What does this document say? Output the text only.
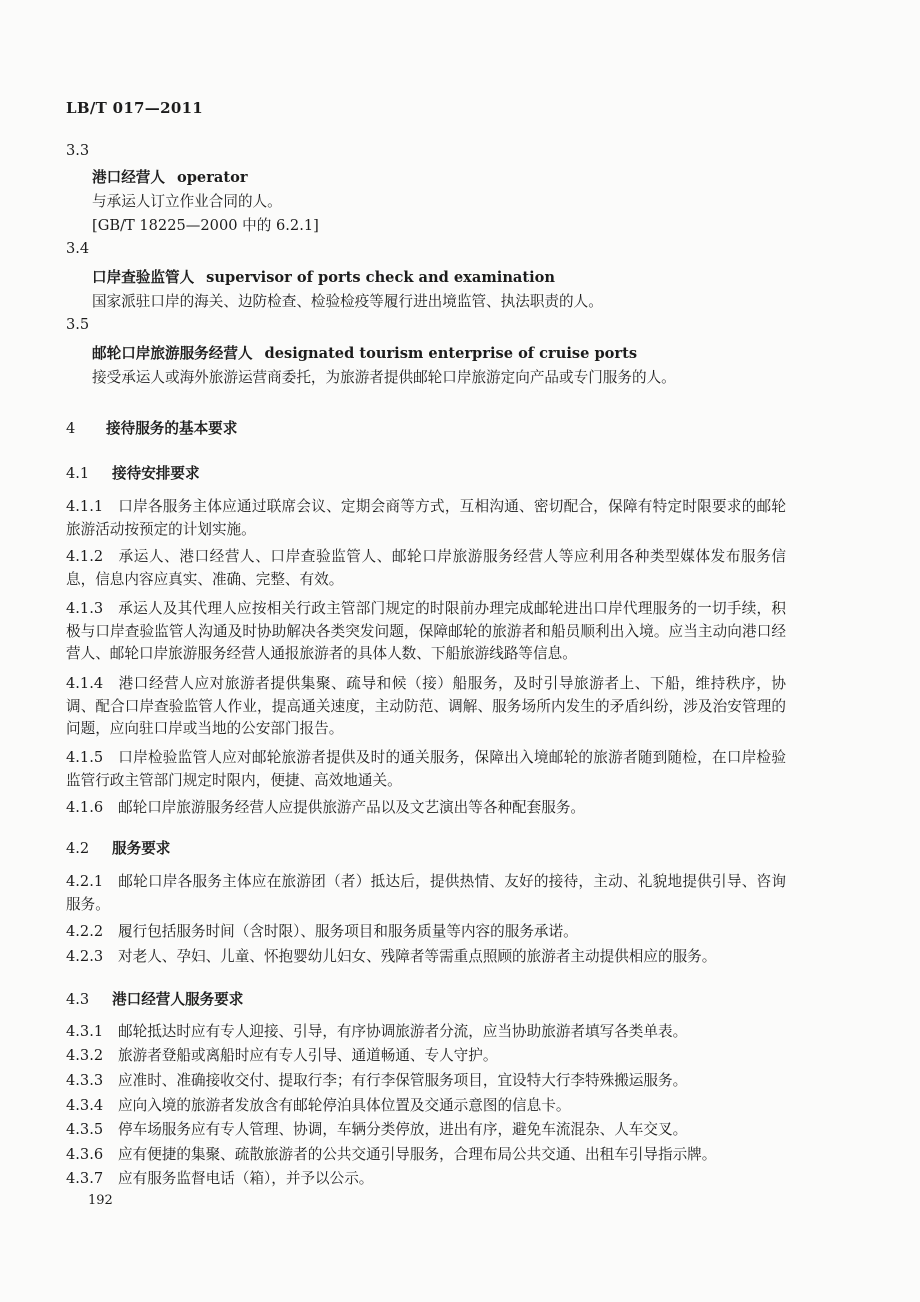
LB/T 017—2011
3.3
港口经营人 operator
与承运人订立作业合同的人。
[GB/T 18225—2000 中的 6.2.1]
3.4
口岸查验监管人 supervisor of ports check and examination
国家派驻口岸的海关、边防检查、检验检疫等履行进出境监管、执法职责的人。
3.5
邮轮口岸旅游服务经营人 designated tourism enterprise of cruise ports
接受承运人或海外旅游运营商委托，为旅游者提供邮轮口岸旅游定向产品或专门服务的人。
4 接待服务的基本要求
4.1 接待安排要求
4.1.1 口岸各服务主体应通过联席会议、定期会商等方式，互相沟通、密切配合，保障有特定时限要求的邮轮旅游活动按预定的计划实施。
4.1.2 承运人、港口经营人、口岸查验监管人、邮轮口岸旅游服务经营人等应利用各种类型媒体发布服务信息，信息内容应真实、准确、完整、有效。
4.1.3 承运人及其代理人应按相关行政主管部门规定的时限前办理完成邮轮进出口岸代理服务的一切手续，积极与口岸查验监管人沟通及时协助解决各类突发问题，保障邮轮的旅游者和船员顺利出入境。应当主动向港口经营人、邮轮口岸旅游服务经营人通报旅游者的具体人数、下船旅游线路等信息。
4.1.4 港口经营人应对旅游者提供集聚、疏导和候（接）船服务，及时引导旅游者上、下船，维持秩序，协调、配合口岸查验监管人作业，提高通关速度，主动防范、调解、服务场所内发生的矛盾纠纷，涉及治安管理的问题，应向驻口岸或当地的公安部门报告。
4.1.5 口岸检验监管人应对邮轮旅游者提供及时的通关服务，保障出入境邮轮的旅游者随到随检，在口岸检验监管行政主管部门规定时限内，便捷、高效地通关。
4.1.6 邮轮口岸旅游服务经营人应提供旅游产品以及文艺演出等各种配套服务。
4.2 服务要求
4.2.1 邮轮口岸各服务主体应在旅游团（者）抵达后，提供热情、友好的接待，主动、礼貌地提供引导、咨询服务。
4.2.2 履行包括服务时间（含时限）、服务项目和服务质量等内容的服务承诺。
4.2.3 对老人、孕妇、儿童、怀抱婴幼儿妇女、残障者等需重点照顾的旅游者主动提供相应的服务。
4.3 港口经营人服务要求
4.3.1 邮轮抵达时应有专人迎接、引导，有序协调旅游者分流，应当协助旅游者填写各类单表。
4.3.2 旅游者登船或离船时应有专人引导、通道畅通、专人守护。
4.3.3 应准时、准确接收交付、提取行李；有行李保管服务项目，宜设特大行李特殊搬运服务。
4.3.4 应向入境的旅游者发放含有邮轮停泊具体位置及交通示意图的信息卡。
4.3.5 停车场服务应有专人管理、协调，车辆分类停放，进出有序，避免车流混杂、人车交叉。
4.3.6 应有便捷的集聚、疏散旅游者的公共交通引导服务，合理布局公共交通、出租车引导指示牌。
4.3.7 应有服务监督电话（箱），并予以公示。
192
